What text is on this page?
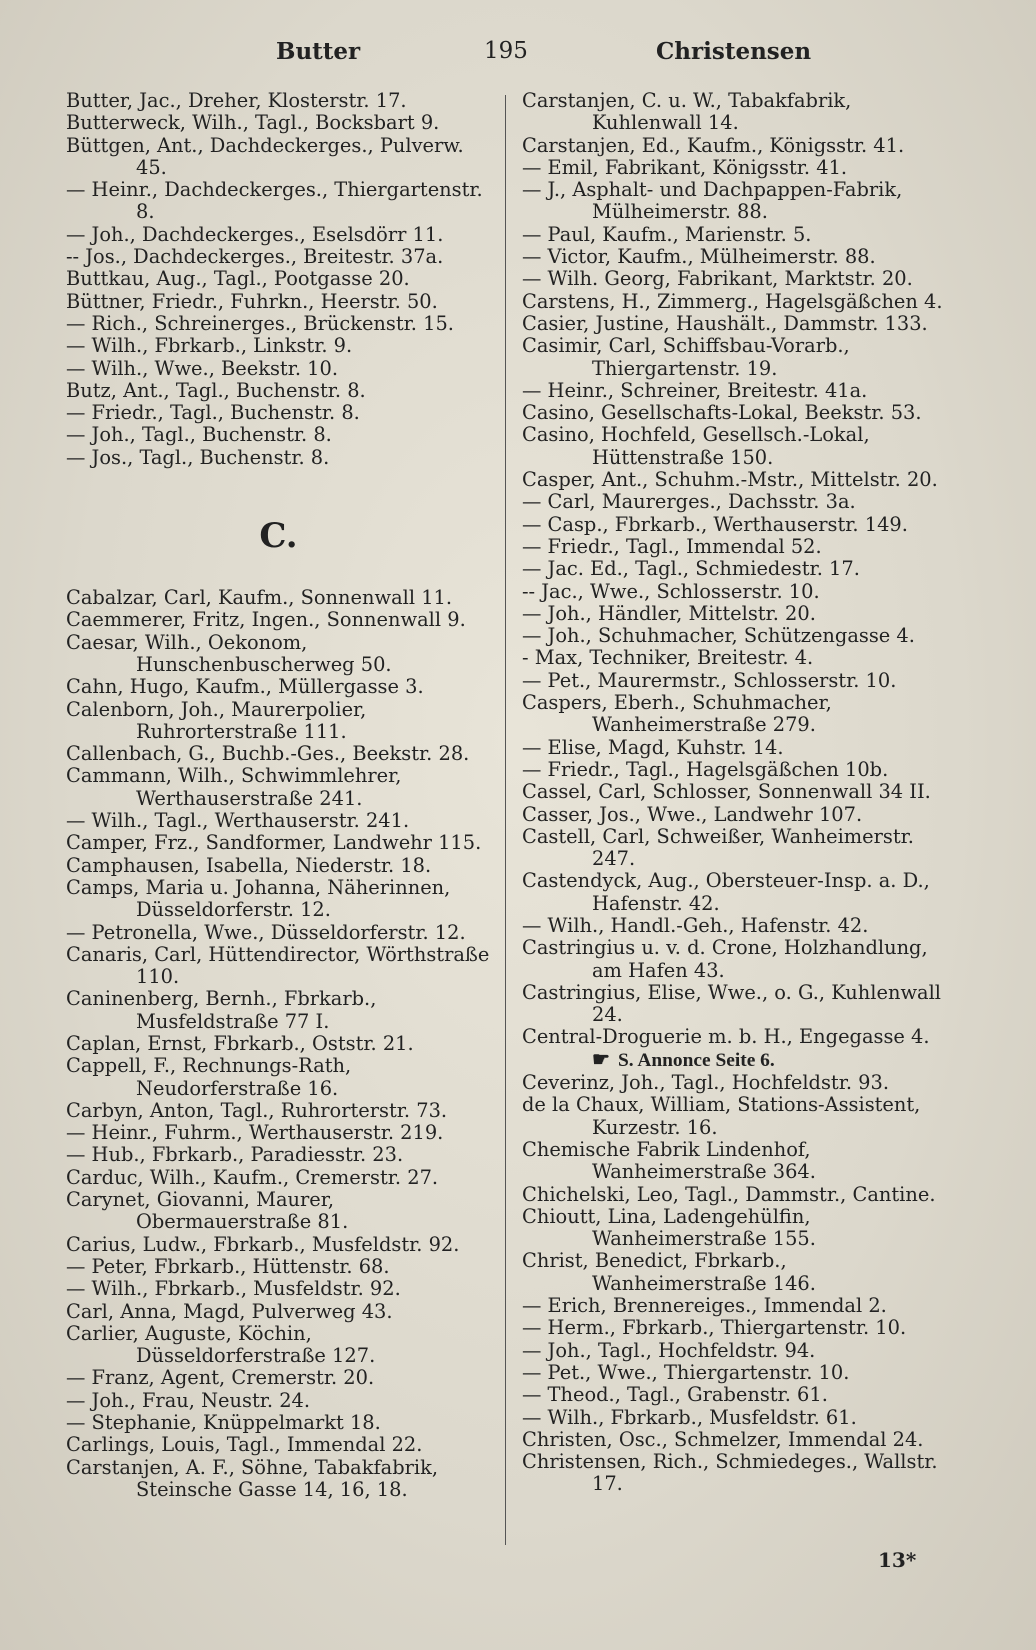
Butter	195	Christensen

Butter, Jac., Dreher, Klosterstr. 17.

Butterweck, Wilh., Tagl., Bocksbart 9.

Büttgen, Ant., Dachdeckerges., Pulverw. 45.

— Heinr., Dachdeckerges., Thiergartenstr. 8.

— Joh., Dachdeckerges., Eselsdörr 11.

-- Jos., Dachdeckerges., Breitestr. 37a.

Buttkau, Aug., Tagl., Pootgasse 20.

Büttner, Friedr., Fuhrkn., Heerstr. 50.

— Rich., Schreinerges., Brückenstr. 15.

— Wilh., Fbrkarb., Linkstr. 9.

— Wilh., Wwe., Beekstr. 10.

Butz, Ant., Tagl., Buchenstr. 8.

— Friedr., Tagl., Buchenstr. 8.

— Joh., Tagl., Buchenstr. 8.

— Jos., Tagl., Buchenstr. 8.

C.

Cabalzar, Carl, Kaufm., Sonnenwall 11.

Caemmerer, Fritz, Ingen., Sonnenwall 9.

Caesar, Wilh., Oekonom, Hunschenbuscherweg 50.

Cahn, Hugo, Kaufm., Müllergasse 3.

Calenborn, Joh., Maurerpolier, Ruhrorterstraße 111.

Callenbach, G., Buchb.-Ges., Beekstr. 28.

Cammann, Wilh., Schwimmlehrer, Werthauserstraße 241.

— Wilh., Tagl., Werthauserstr. 241.

Camper, Frz., Sandformer, Landwehr 115.

Camphausen, Isabella, Niederstr. 18.

Camps, Maria u. Johanna, Näherinnen, Düsseldorferstr. 12.

— Petronella, Wwe., Düsseldorferstr. 12.

Canaris, Carl, Hüttendirector, Wörthstraße 110.

Caninenberg, Bernh., Fbrkarb., Musfeldstraße 77 I.

Caplan, Ernst, Fbrkarb., Oststr. 21.

Cappell, F., Rechnungs-Rath, Neudorferstraße 16.

Carbyn, Anton, Tagl., Ruhrorterstr. 73.

— Heinr., Fuhrm., Werthauserstr. 219.

— Hub., Fbrkarb., Paradiesstr. 23.

Carduc, Wilh., Kaufm., Cremerstr. 27.

Carynet, Giovanni, Maurer, Obermauerstraße 81.

Carius, Ludw., Fbrkarb., Musfeldstr. 92.

— Peter, Fbrkarb., Hüttenstr. 68.

— Wilh., Fbrkarb., Musfeldstr. 92.

Carl, Anna, Magd, Pulverweg 43.

Carlier, Auguste, Köchin, Düsseldorferstraße 127.

— Franz, Agent, Cremerstr. 20.

— Joh., Frau, Neustr. 24.

— Stephanie, Knüppelmarkt 18.

Carlings, Louis, Tagl., Immendal 22.

Carstanjen, A. F., Söhne, Tabakfabrik, Steinsche Gasse 14, 16, 18.

Carstanjen, C. u. W., Tabakfabrik, Kuhlenwall 14.

Carstanjen, Ed., Kaufm., Königsstr. 41.

— Emil, Fabrikant, Königsstr. 41.

— J., Asphalt- und Dachpappen-Fabrik, Mülheimerstr. 88.

— Paul, Kaufm., Marienstr. 5.

— Victor, Kaufm., Mülheimerstr. 88.

— Wilh. Georg, Fabrikant, Marktstr. 20.

Carstens, H., Zimmerg., Hagelsgäßchen 4.

Casier, Justine, Haushält., Dammstr. 133.

Casimir, Carl, Schiffsbau-Vorarb., Thiergartenstr. 19.

— Heinr., Schreiner, Breitestr. 41a.

Casino, Gesellschafts-Lokal, Beekstr. 53.

Casino, Hochfeld, Gesellsch.-Lokal, Hüttenstraße 150.

Casper, Ant., Schuhm.-Mstr., Mittelstr. 20.

— Carl, Maurerges., Dachsstr. 3a.

— Casp., Fbrkarb., Werthauserstr. 149.

— Friedr., Tagl., Immendal 52.

— Jac. Ed., Tagl., Schmiedestr. 17.

-- Jac., Wwe., Schlosserstr. 10.

— Joh., Händler, Mittelstr. 20.

— Joh., Schuhmacher, Schützengasse 4.

- Max, Techniker, Breitestr. 4.

— Pet., Maurermstr., Schlosserstr. 10.

Caspers, Eberh., Schuhmacher, Wanheimerstraße 279.

— Elise, Magd, Kuhstr. 14.

— Friedr., Tagl., Hagelsgäßchen 10b.

Cassel, Carl, Schlosser, Sonnenwall 34 II.

Casser, Jos., Wwe., Landwehr 107.

Castell, Carl, Schweißer, Wanheimerstr. 247.

Castendyck, Aug., Obersteuer-Insp. a. D., Hafenstr. 42.

— Wilh., Handl.-Geh., Hafenstr. 42.

Castringius u. v. d. Crone, Holzhandlung, am Hafen 43.

Castringius, Elise, Wwe., o. G., Kuhlenwall 24.

Central-Droguerie m. b. H., Engegasse 4.

☛ S. Annonce Seite 6.

Ceverinz, Joh., Tagl., Hochfeldstr. 93.

de la Chaux, William, Stations-Assistent, Kurzestr. 16.

Chemische Fabrik Lindenhof, Wanheimerstraße 364.

Chichelski, Leo, Tagl., Dammstr., Cantine.

Chioutt, Lina, Ladengehülfin, Wanheimerstraße 155.

Christ, Benedict, Fbrkarb., Wanheimerstraße 146.

— Erich, Brennereiges., Immendal 2.

— Herm., Fbrkarb., Thiergartenstr. 10.

— Joh., Tagl., Hochfeldstr. 94.

— Pet., Wwe., Thiergartenstr. 10.

— Theod., Tagl., Grabenstr. 61.

— Wilh., Fbrkarb., Musfeldstr. 61.

Christen, Osc., Schmelzer, Immendal 24.

Christensen, Rich., Schmiedeges., Wallstr. 17.

13*
